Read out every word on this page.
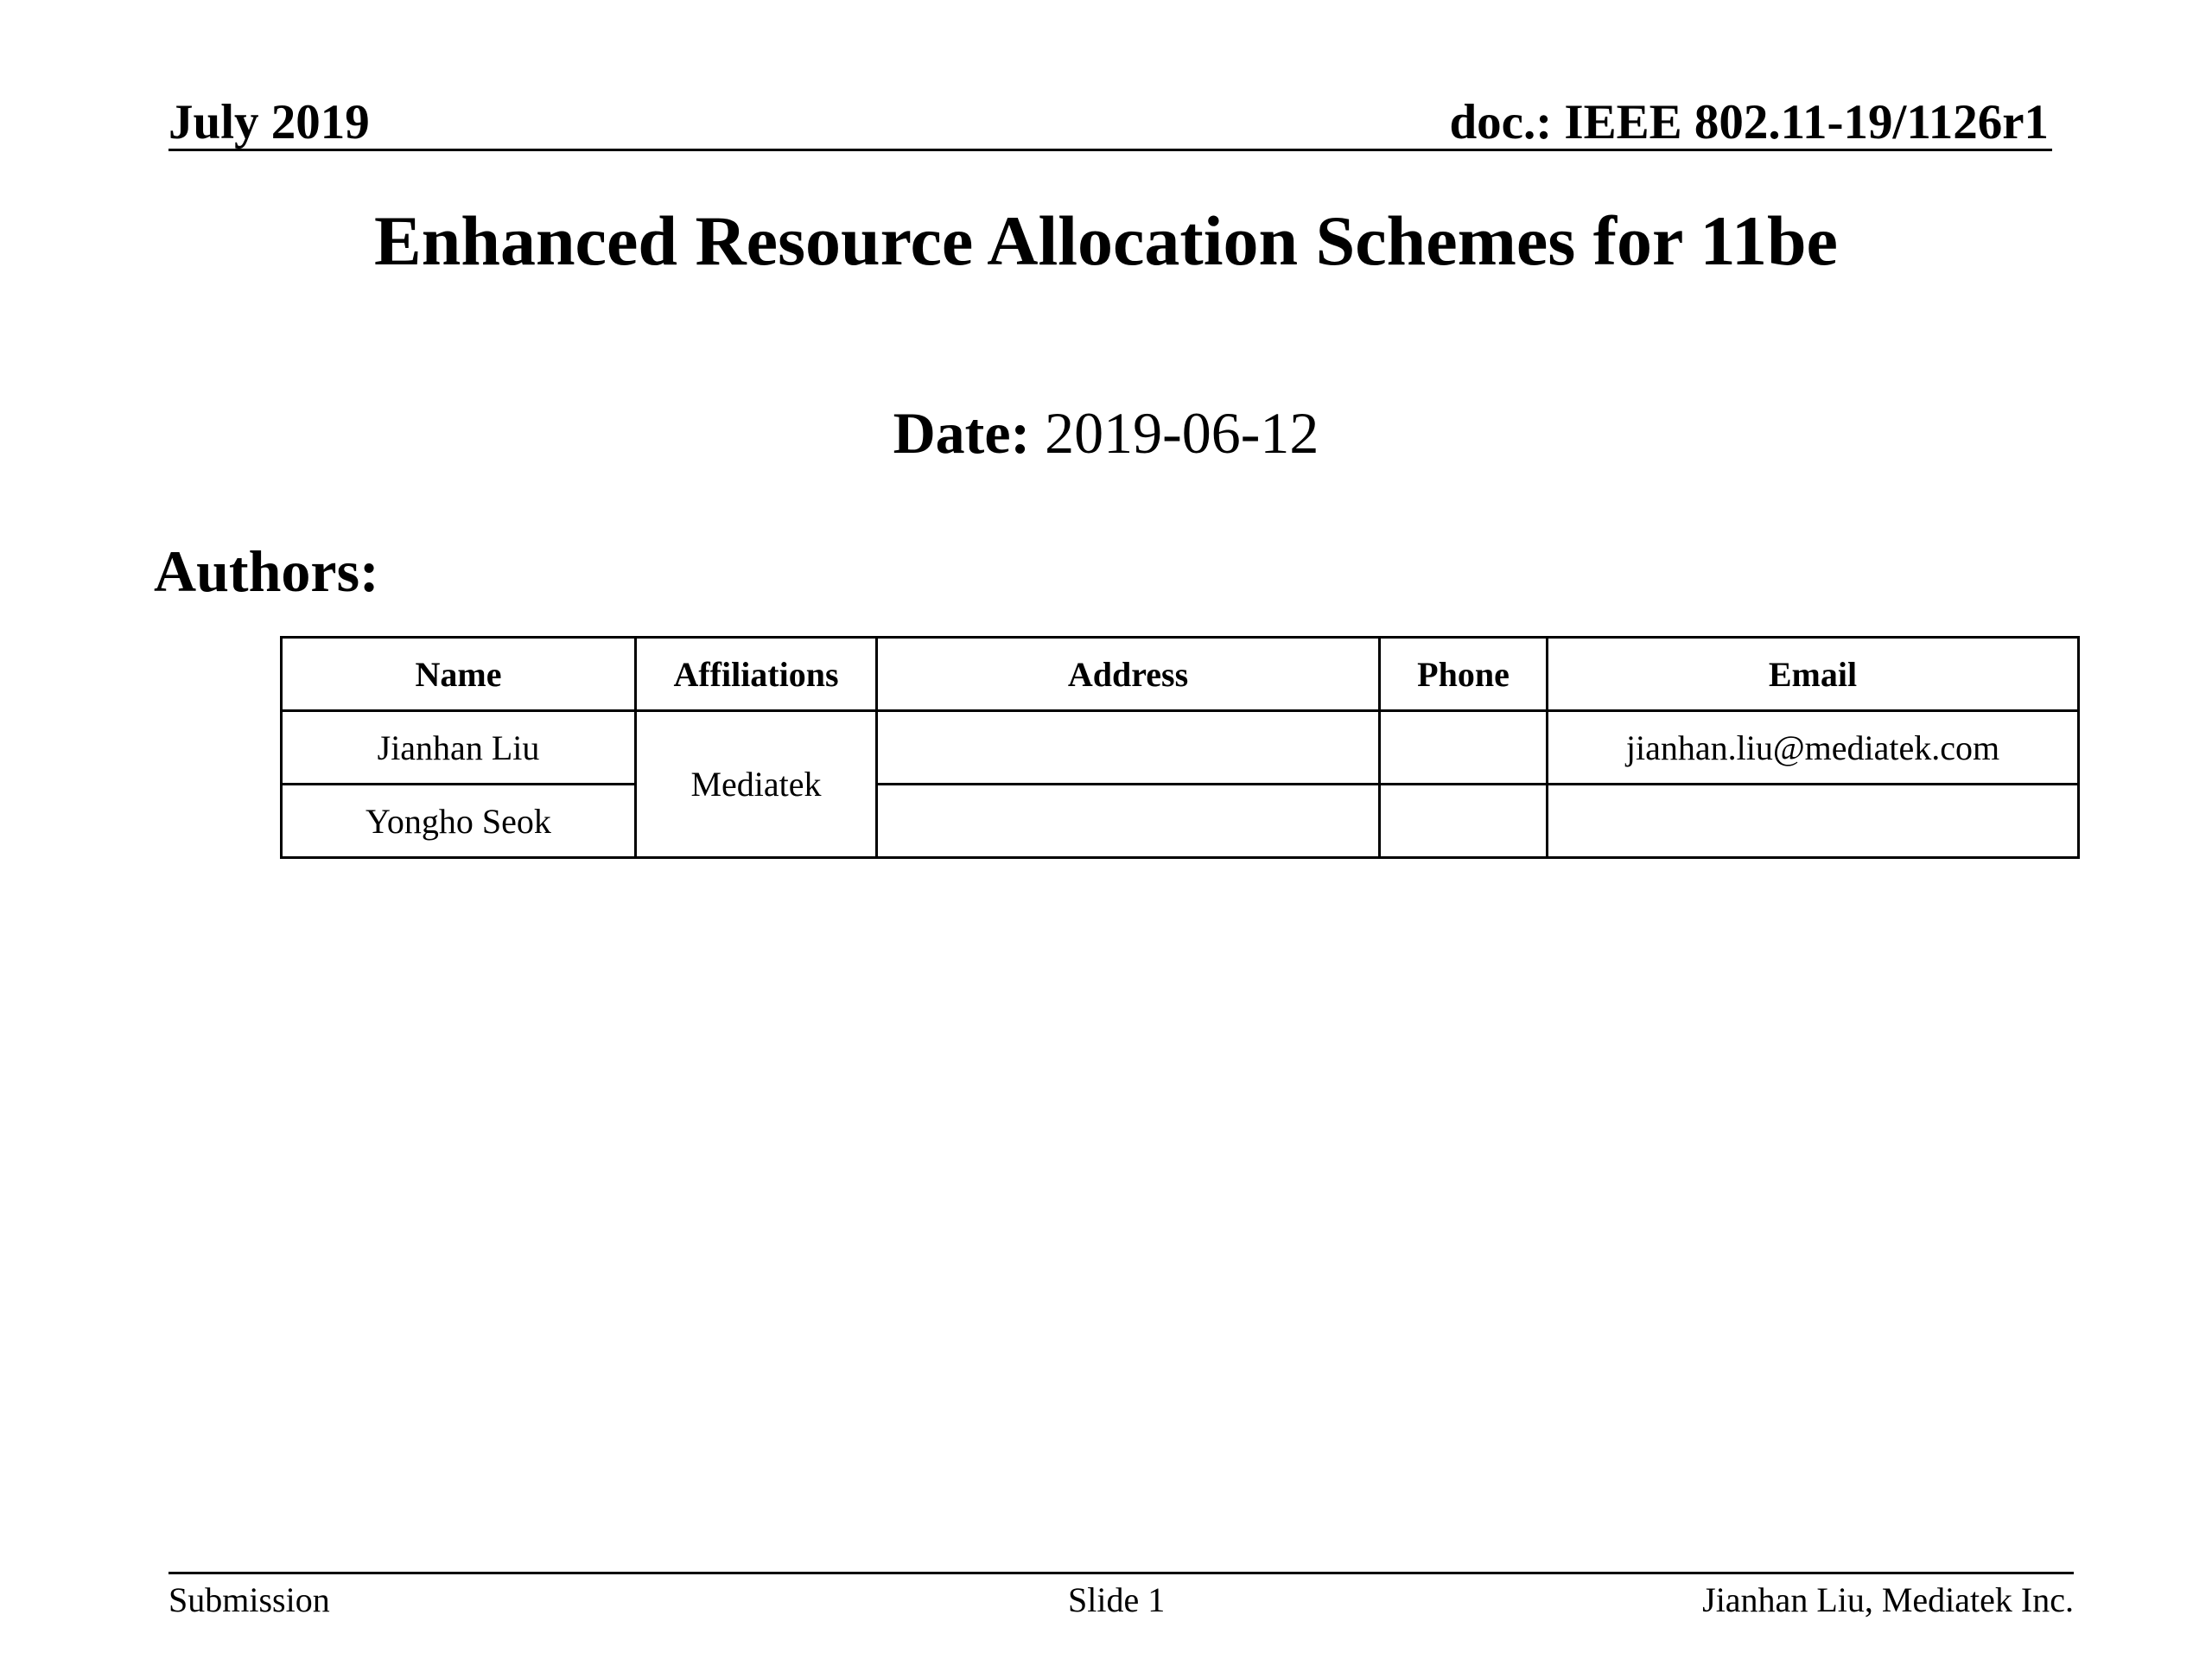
July 2019	doc.: IEEE 802.11-19/1126r1
Enhanced Resource Allocation Schemes for 11be
Date: 2019-06-12
Authors:
Name	Affiliations	Address	Phone	Email
Jianhan Liu	Mediatek			jianhan.liu@mediatek.com
Yongho Seok				
Submission	Slide 1	Jianhan Liu, Mediatek Inc.
